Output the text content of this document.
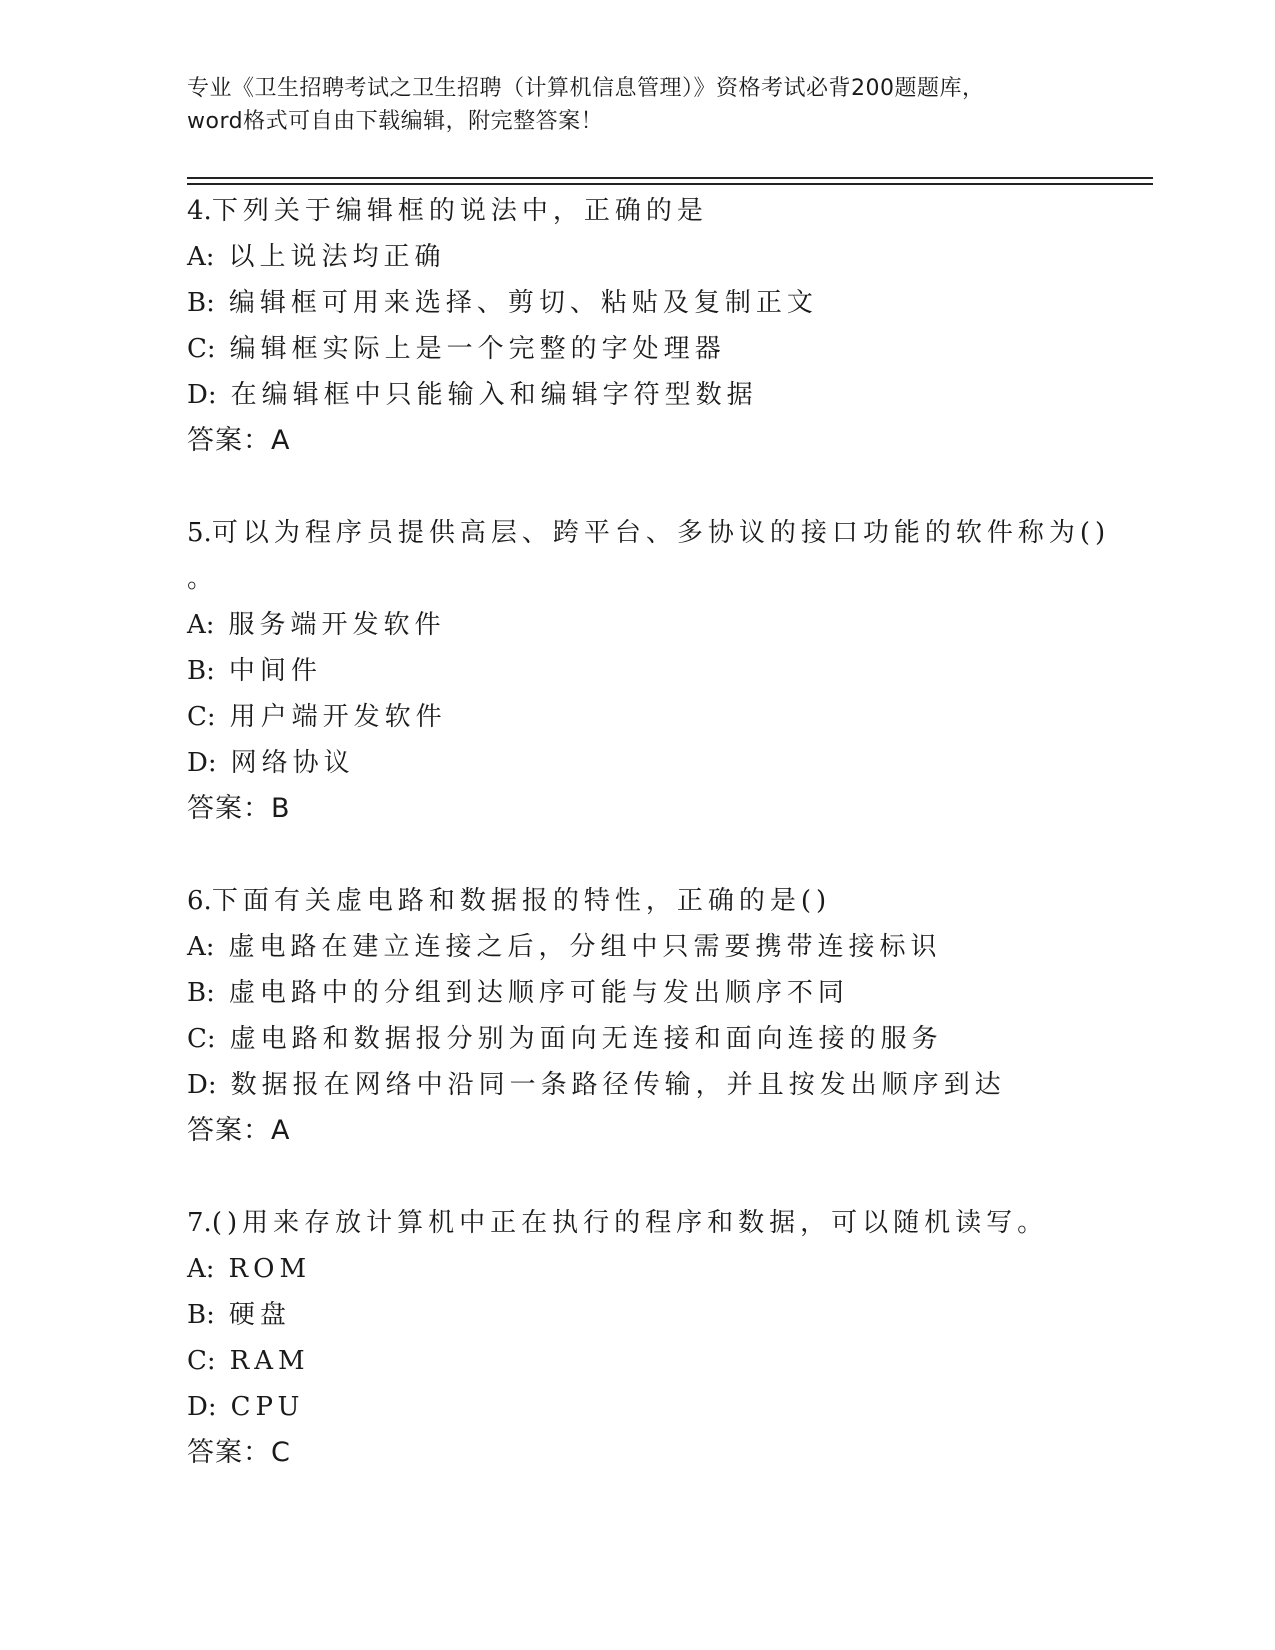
专业《卫生招聘考试之卫生招聘（计算机信息管理）》资格考试必背200题题库，
word格式可自由下载编辑，附完整答案！
4.下列关于编辑框的说法中，正确的是
A: 以上说法均正确
B: 编辑框可用来选择、剪切、粘贴及复制正文
C: 编辑框实际上是一个完整的字处理器
D: 在编辑框中只能输入和编辑字符型数据
答案：A
5.可以为程序员提供高层、跨平台、多协议的接口功能的软件称为()
。
A: 服务端开发软件
B: 中间件
C: 用户端开发软件
D: 网络协议
答案：B
6.下面有关虚电路和数据报的特性，正确的是()
A: 虚电路在建立连接之后，分组中只需要携带连接标识
B: 虚电路中的分组到达顺序可能与发出顺序不同
C: 虚电路和数据报分别为面向无连接和面向连接的服务
D: 数据报在网络中沿同一条路径传输，并且按发出顺序到达
答案：A
7.()用来存放计算机中正在执行的程序和数据，可以随机读写。
A: ROM
B: 硬盘
C: RAM
D: CPU
答案：C
